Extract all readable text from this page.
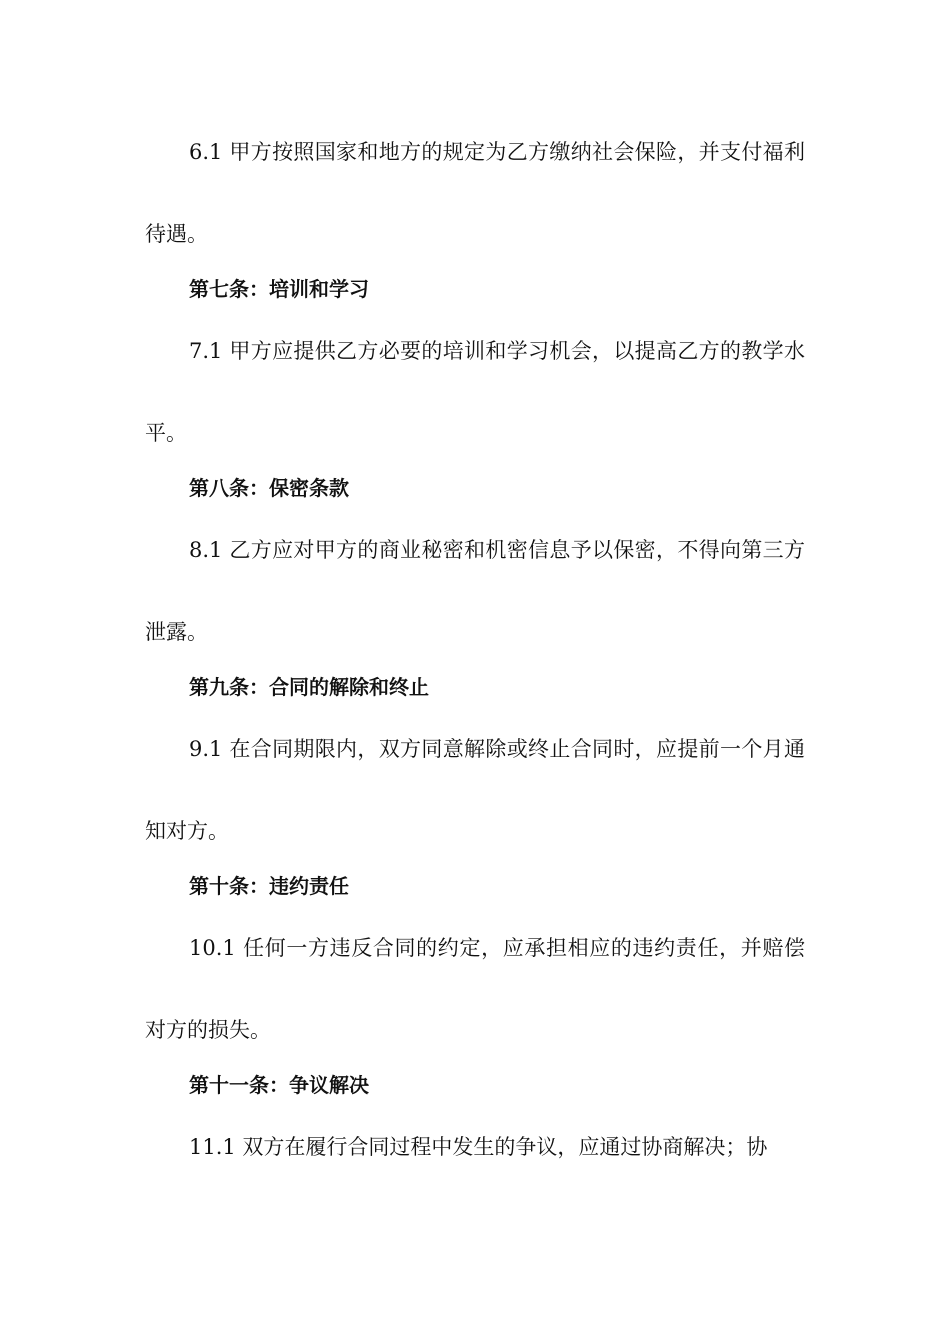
6.1 甲方按照国家和地方的规定为乙方缴纳社会保险，并支付福利待遇。
第七条：培训和学习
7.1 甲方应提供乙方必要的培训和学习机会，以提高乙方的教学水平。
第八条：保密条款
8.1 乙方应对甲方的商业秘密和机密信息予以保密，不得向第三方泄露。
第九条：合同的解除和终止
9.1 在合同期限内，双方同意解除或终止合同时，应提前一个月通知对方。
第十条：违约责任
10.1 任何一方违反合同的约定，应承担相应的违约责任，并赔偿对方的损失。
第十一条：争议解决
11.1 双方在履行合同过程中发生的争议，应通过协商解决；协
